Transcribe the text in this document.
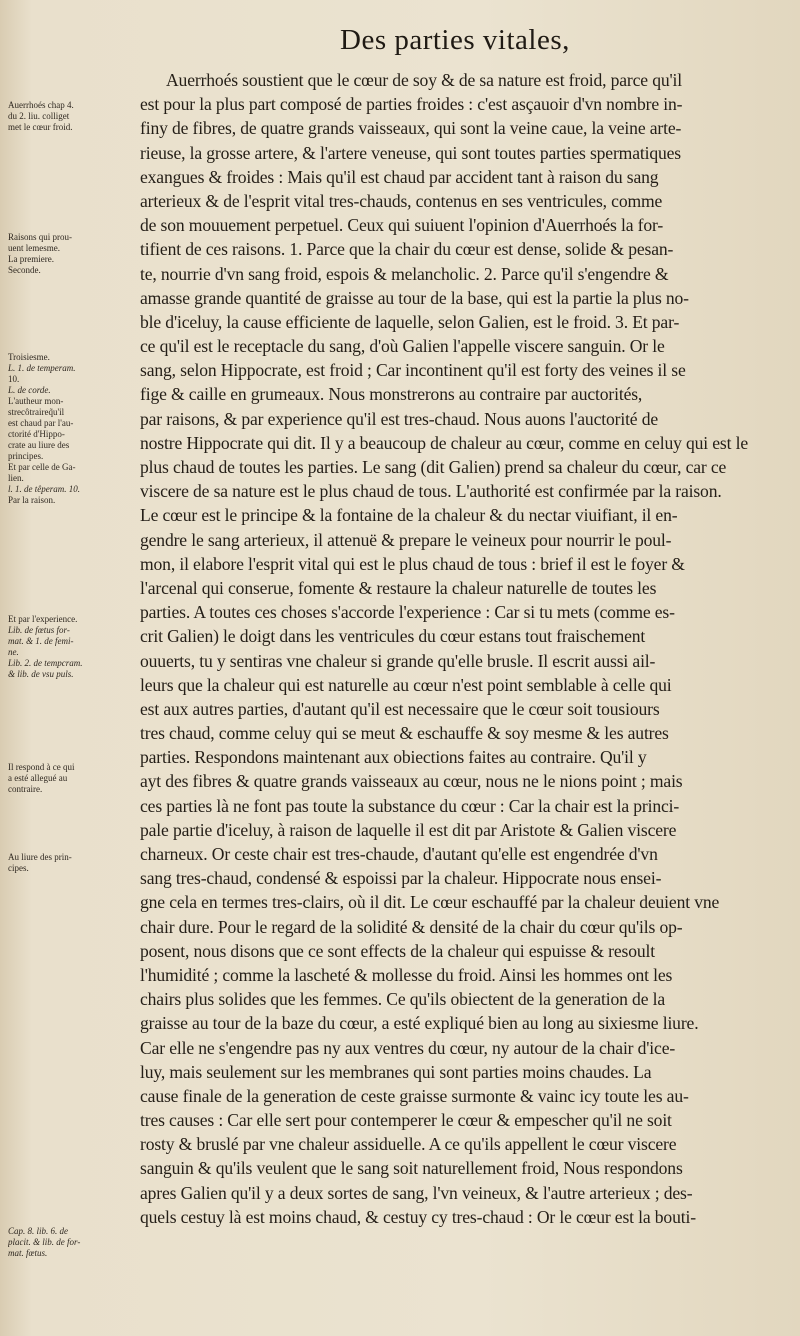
Des parties vitales,
Auerrhoés chap 4.
du 2. liu. colliget
met le cœur froid.
Raisons qui prou-
uent lemesme.
La premiere.
Seconde.
Troisiesme.
L. 1. de temperam.
10.
L. de corde.
L'autheur mon-
strecôtraireq̃u'il
est chaud par l'au-
ctorité d'Hippo-
crate au liure des
principes.
Et par celle de Ga-
lien.
l. 1. de têperam. 10.
Par la raison.
Et par l'experience.
Lib. de fœtus for-
mat. & 1. de femi-
ne.
Lib. 2. de tempcram.
& lib. de vsu puls.
Il respond à ce qui
a esté allegué au
contraire.
Au liure des prin-
cipes.
Cap. 8. lib. 6. de
placit. & lib. de for-
mat. fœtus.
Auerrhoés soustient que le cœur de soy & de sa nature est froid, parce qu'il
est pour la plus part composé de parties froides : c'est asçauoir d'vn nombre in-
finy de fibres, de quatre grands vaisseaux, qui sont la veine caue, la veine arte-
rieuse, la grosse artere, & l'artere veneuse, qui sont toutes parties spermatiques
exangues & froides : Mais qu'il est chaud par accident tant à raison du sang
arterieux & de l'esprit vital tres-chauds, contenus en ses ventricules, comme
de son mouuement perpetuel. Ceux qui suiuent l'opinion d'Auerrhoés la for-
tifient de ces raisons. 1. Parce que la chair du cœur est dense, solide & pesan-
te, nourrie d'vn sang froid, espois & melancholic. 2. Parce qu'il s'engendre &
amasse grande quantité de graisse au tour de la base, qui est la partie la plus no-
ble d'iceluy, la cause efficiente de laquelle, selon Galien, est le froid. 3. Et par-
ce qu'il est le receptacle du sang, d'où Galien l'appelle viscere sanguin. Or le
sang, selon Hippocrate, est froid ; Car incontinent qu'il est forty des veines il se
fige & caille en grumeaux. Nous monstrerons au contraire par auctorités,
par raisons, & par experience qu'il est tres-chaud. Nous auons l'auctorité de
nostre Hippocrate qui dit. Il y a beaucoup de chaleur au cœur, comme en celuy qui est le
plus chaud de toutes les parties. Le sang (dit Galien) prend sa chaleur du cœur, car ce
viscere de sa nature est le plus chaud de tous. L'authorité est confirmée par la raison.
Le cœur est le principe & la fontaine de la chaleur & du nectar viuifiant, il en-
gendre le sang arterieux, il attenuë & prepare le veineux pour nourrir le poul-
mon, il elabore l'esprit vital qui est le plus chaud de tous : brief il est le foyer &
l'arcenal qui conserue, fomente & restaure la chaleur naturelle de toutes les
parties. A toutes ces choses s'accorde l'experience : Car si tu mets (comme es-
crit Galien) le doigt dans les ventricules du cœur estans tout fraischement
ouuerts, tu y sentiras vne chaleur si grande qu'elle brusle. Il escrit aussi ail-
leurs que la chaleur qui est naturelle au cœur n'est point semblable à celle qui
est aux autres parties, d'autant qu'il est necessaire que le cœur soit tousiours
tres chaud, comme celuy qui se meut & eschauffe & soy mesme & les autres
parties. Respondons maintenant aux obiections faites au contraire. Qu'il y
ayt des fibres & quatre grands vaisseaux au cœur, nous ne le nions point ; mais
ces parties là ne font pas toute la substance du cœur : Car la chair est la princi-
pale partie d'iceluy, à raison de laquelle il est dit par Aristote & Galien viscere
charneux. Or ceste chair est tres-chaude, d'autant qu'elle est engendrée d'vn
sang tres-chaud, condensé & espoissi par la chaleur. Hippocrate nous ensei-
gne cela en termes tres-clairs, où il dit. Le cœur eschauffé par la chaleur deuient vne
chair dure. Pour le regard de la solidité & densité de la chair du cœur qu'ils op-
posent, nous disons que ce sont effects de la chaleur qui espuisse & resoult
l'humidité ; comme la lascheté & mollesse du froid. Ainsi les hommes ont les
chairs plus solides que les femmes. Ce qu'ils obiectent de la generation de la
graisse au tour de la baze du cœur, a esté expliqué bien au long au sixiesme liure.
Car elle ne s'engendre pas ny aux ventres du cœur, ny autour de la chair d'ice-
luy, mais seulement sur les membranes qui sont parties moins chaudes. La
cause finale de la generation de ceste graisse surmonte & vainc icy toute les au-
tres causes : Car elle sert pour contemperer le cœur & empescher qu'il ne soit
rosty & bruslé par vne chaleur assiduelle. A ce qu'ils appellent le cœur viscere
sanguin & qu'ils veulent que le sang soit naturellement froid, Nous respondons
apres Galien qu'il y a deux sortes de sang, l'vn veineux, & l'autre arterieux ; des-
quels cestuy là est moins chaud, & cestuy cy tres-chaud : Or le cœur est la bouti-
